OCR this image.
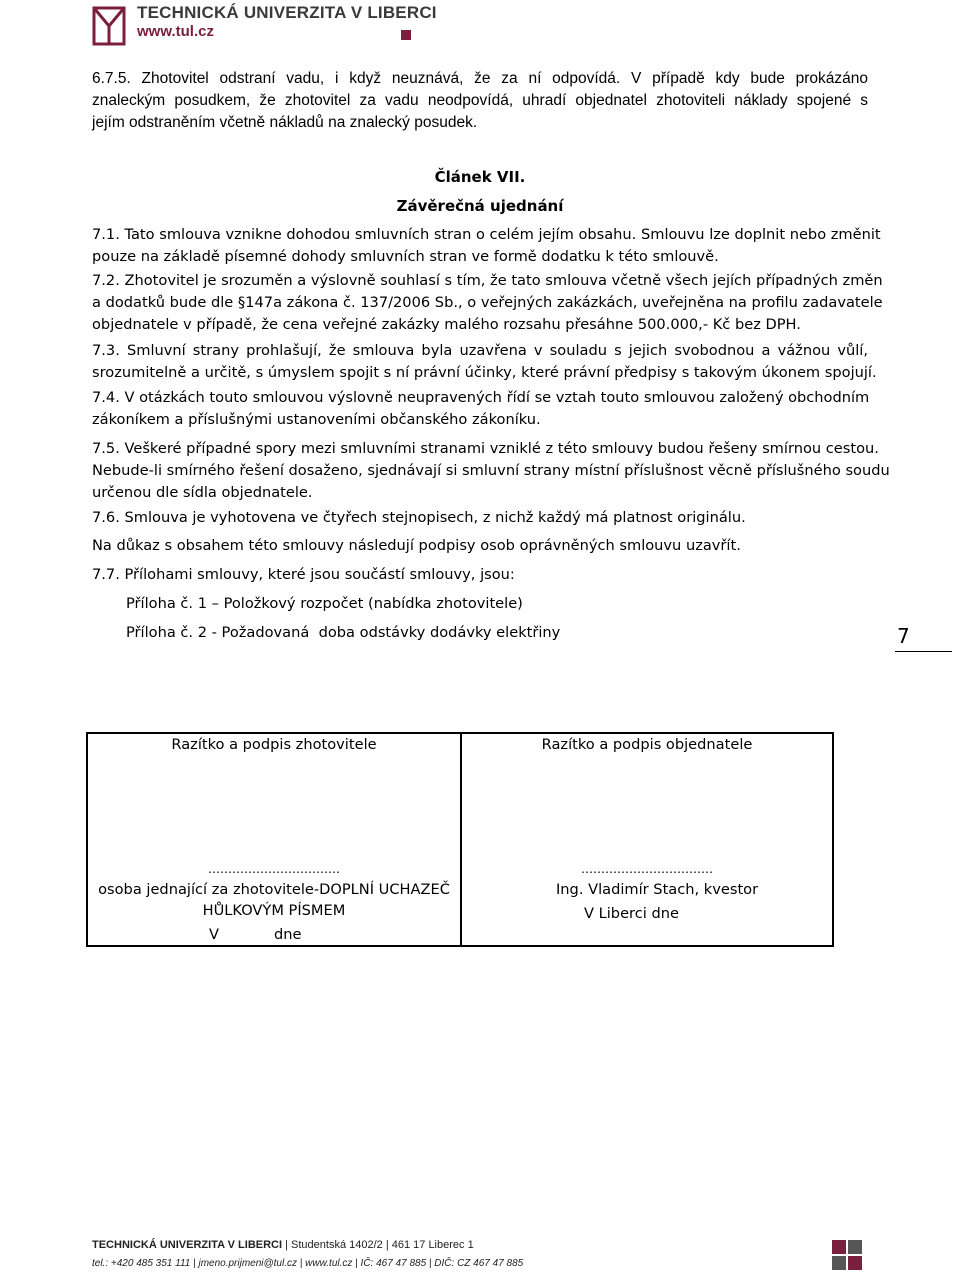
TECHNICKÁ UNIVERZITA V LIBERCI
www.tul.cz
6.7.5. Zhotovitel odstraní vadu, i když neuznává, že za ní odpovídá. V případě kdy bude prokázáno
znaleckým posudkem, že zhotovitel za vadu neodpovídá, uhradí objednatel zhotoviteli náklady spojené s
jejím odstraněním včetně nákladů na znalecký posudek.
Článek VII.
Závěrečná ujednání
7.1. Tato smlouva vznikne dohodou smluvních stran o celém jejím obsahu. Smlouvu lze doplnit nebo změnit
pouze na základě písemné dohody smluvních stran ve formě dodatku k této smlouvě.
7.2. Zhotovitel je srozuměn a výslovně souhlasí s tím, že tato smlouva včetně všech jejích případných změn
a dodatků bude dle §147a zákona č. 137/2006 Sb., o veřejných zakázkách, uveřejněna na profilu zadavatele
objednatele v případě, že cena veřejné zakázky malého rozsahu přesáhne 500.000,- Kč bez DPH.
7.3. Smluvní strany prohlašují, že smlouva byla uzavřena v souladu s jejich svobodnou a vážnou vůlí,
srozumitelně a určitě, s úmyslem spojit s ní právní účinky, které právní předpisy s takovým úkonem spojují.
7.4. V otázkách touto smlouvou výslovně neupravených řídí se vztah touto smlouvou založený obchodním
zákoníkem a příslušnými ustanoveními občanského zákoníku.
7.5. Veškeré případné spory mezi smluvními stranami vzniklé z této smlouvy budou řešeny smírnou cestou.
Nebude-li smírného řešení dosaženo, sjednávají si smluvní strany místní příslušnost věcně příslušného soudu
určenou dle sídla objednatele.
7.6. Smlouva je vyhotovena ve čtyřech stejnopisech, z nichž každý má platnost originálu.
Na důkaz s obsahem této smlouvy následují podpisy osob oprávněných smlouvu uzavřít.
7.7. Přílohami smlouvy, které jsou součástí smlouvy, jsou:
Příloha č. 1 – Položkový rozpočet (nabídka zhotovitele)
Příloha č. 2 - Požadovaná  doba odstávky dodávky elektřiny	7
Razítko a podpis zhotovitele	Razítko a podpis objednatele
……………………………	……………………………
osoba jednající za zhotovitele-DOPLNÍ UCHAZEČ
HŮLKOVÝM PÍSMEM
V	dne
Ing. Vladimír Stach, kvestor
V Liberci dne
TECHNICKÁ UNIVERZITA V LIBERCI | Studentská 1402/2 | 461 17 Liberec 1
tel.: +420 485 351 111 | jmeno.prijmeni@tul.cz | www.tul.cz | IČ: 467 47 885 | DIČ: CZ 467 47 885
